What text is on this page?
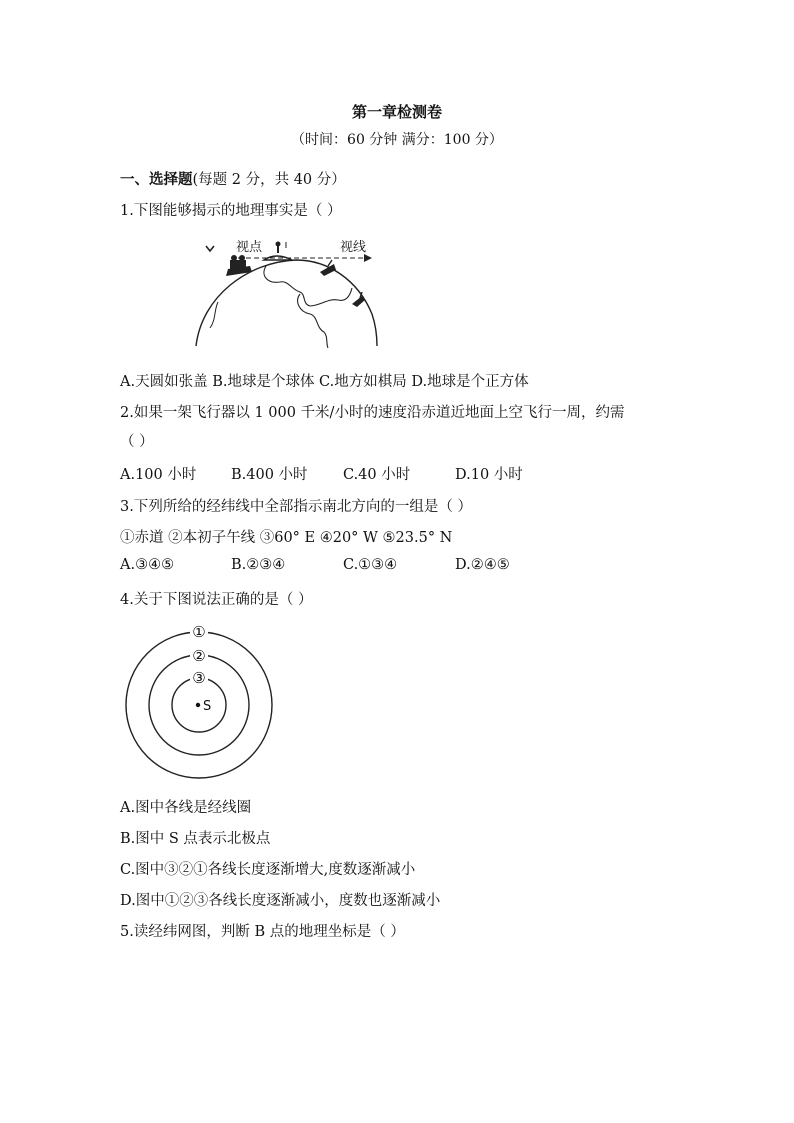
第一章检测卷
（时间：60 分钟 满分：100 分）
一、选择题(每题 2 分，共 40 分）
1.下图能够揭示的地理事实是（ ）
视点	视线
A.天圆如张盖 B.地球是个球体 C.地方如棋局 D.地球是个正方体
2.如果一架飞行器以 1 000 千米/小时的速度沿赤道近地面上空飞行一周，约需
（ ）
A.100 小时 B.400 小时 C.40 小时	D.10 小时
3.下列所给的经纬线中全部指示南北方向的一组是（ ）
①赤道 ②本初子午线 ③60° E ④20° W ⑤23.5° N
A.③④⑤	B.②③④	C.①③④	D.②④⑤
4.关于下图说法正确的是（ ）
①
②
③
S
A.图中各线是经线圈
B.图中 S 点表示北极点
C.图中③②①各线长度逐渐增大,度数逐渐减小
D.图中①②③各线长度逐渐减小，度数也逐渐减小
5.读经纬网图，判断 B 点的地理坐标是（ ）
